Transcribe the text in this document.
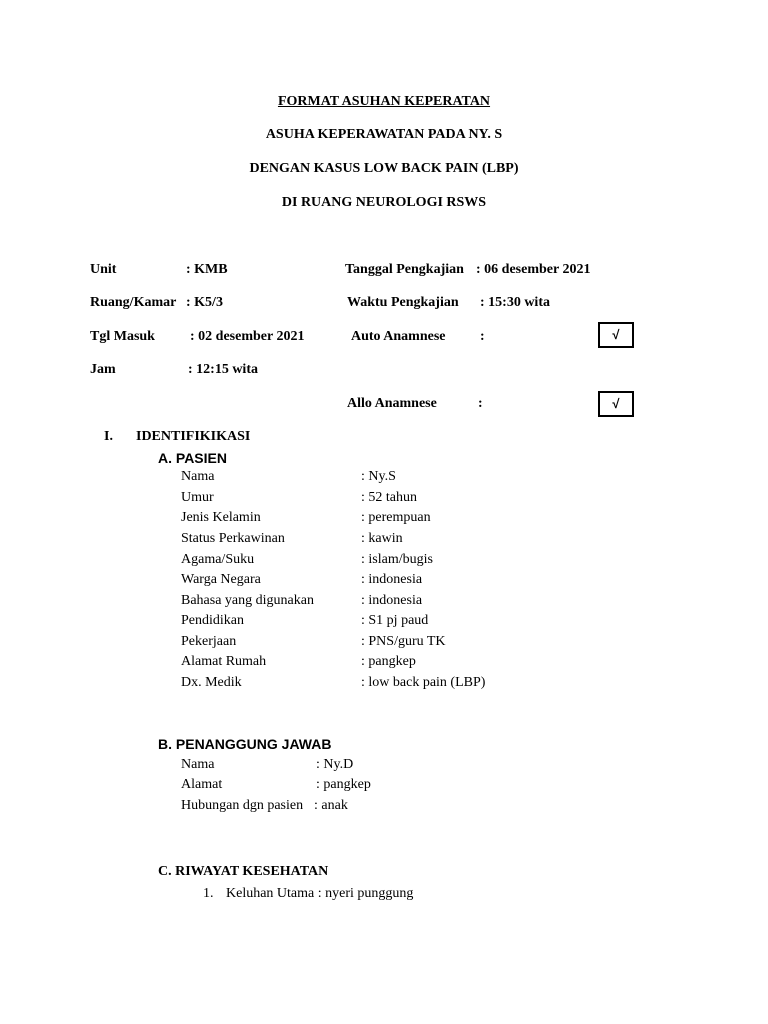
FORMAT ASUHAN KEPERATAN
ASUHA KEPERAWATAN PADA NY. S
DENGAN KASUS LOW BACK PAIN (LBP)
DI RUANG NEUROLOGI RSWS
Unit	: KMB	Tanggal Pengkajian : 06 desember 2021
Ruang/Kamar : K5/3	Waktu Pengkajian : 15:30 wita
Tgl Masuk	: 02 desember 2021	Auto Anamnese :	√
Jam	: 12:15 wita
Allo Anamnese	:	√
I. IDENTIFIKIKASI
A. PASIEN
Nama	: Ny.S
Umur	: 52 tahun
Jenis Kelamin	: perempuan
Status Perkawinan	: kawin
Agama/Suku	: islam/bugis
Warga Negara	: indonesia
Bahasa yang digunakan	: indonesia
Pendidikan	: S1 pj paud
Pekerjaan	: PNS/guru TK
Alamat Rumah	: pangkep
Dx. Medik	: low back pain (LBP)
B. PENANGGUNG JAWAB
Nama	: Ny.D
Alamat	: pangkep
Hubungan dgn pasien : anak
C. RIWAYAT KESEHATAN
1. Keluhan Utama : nyeri punggung
